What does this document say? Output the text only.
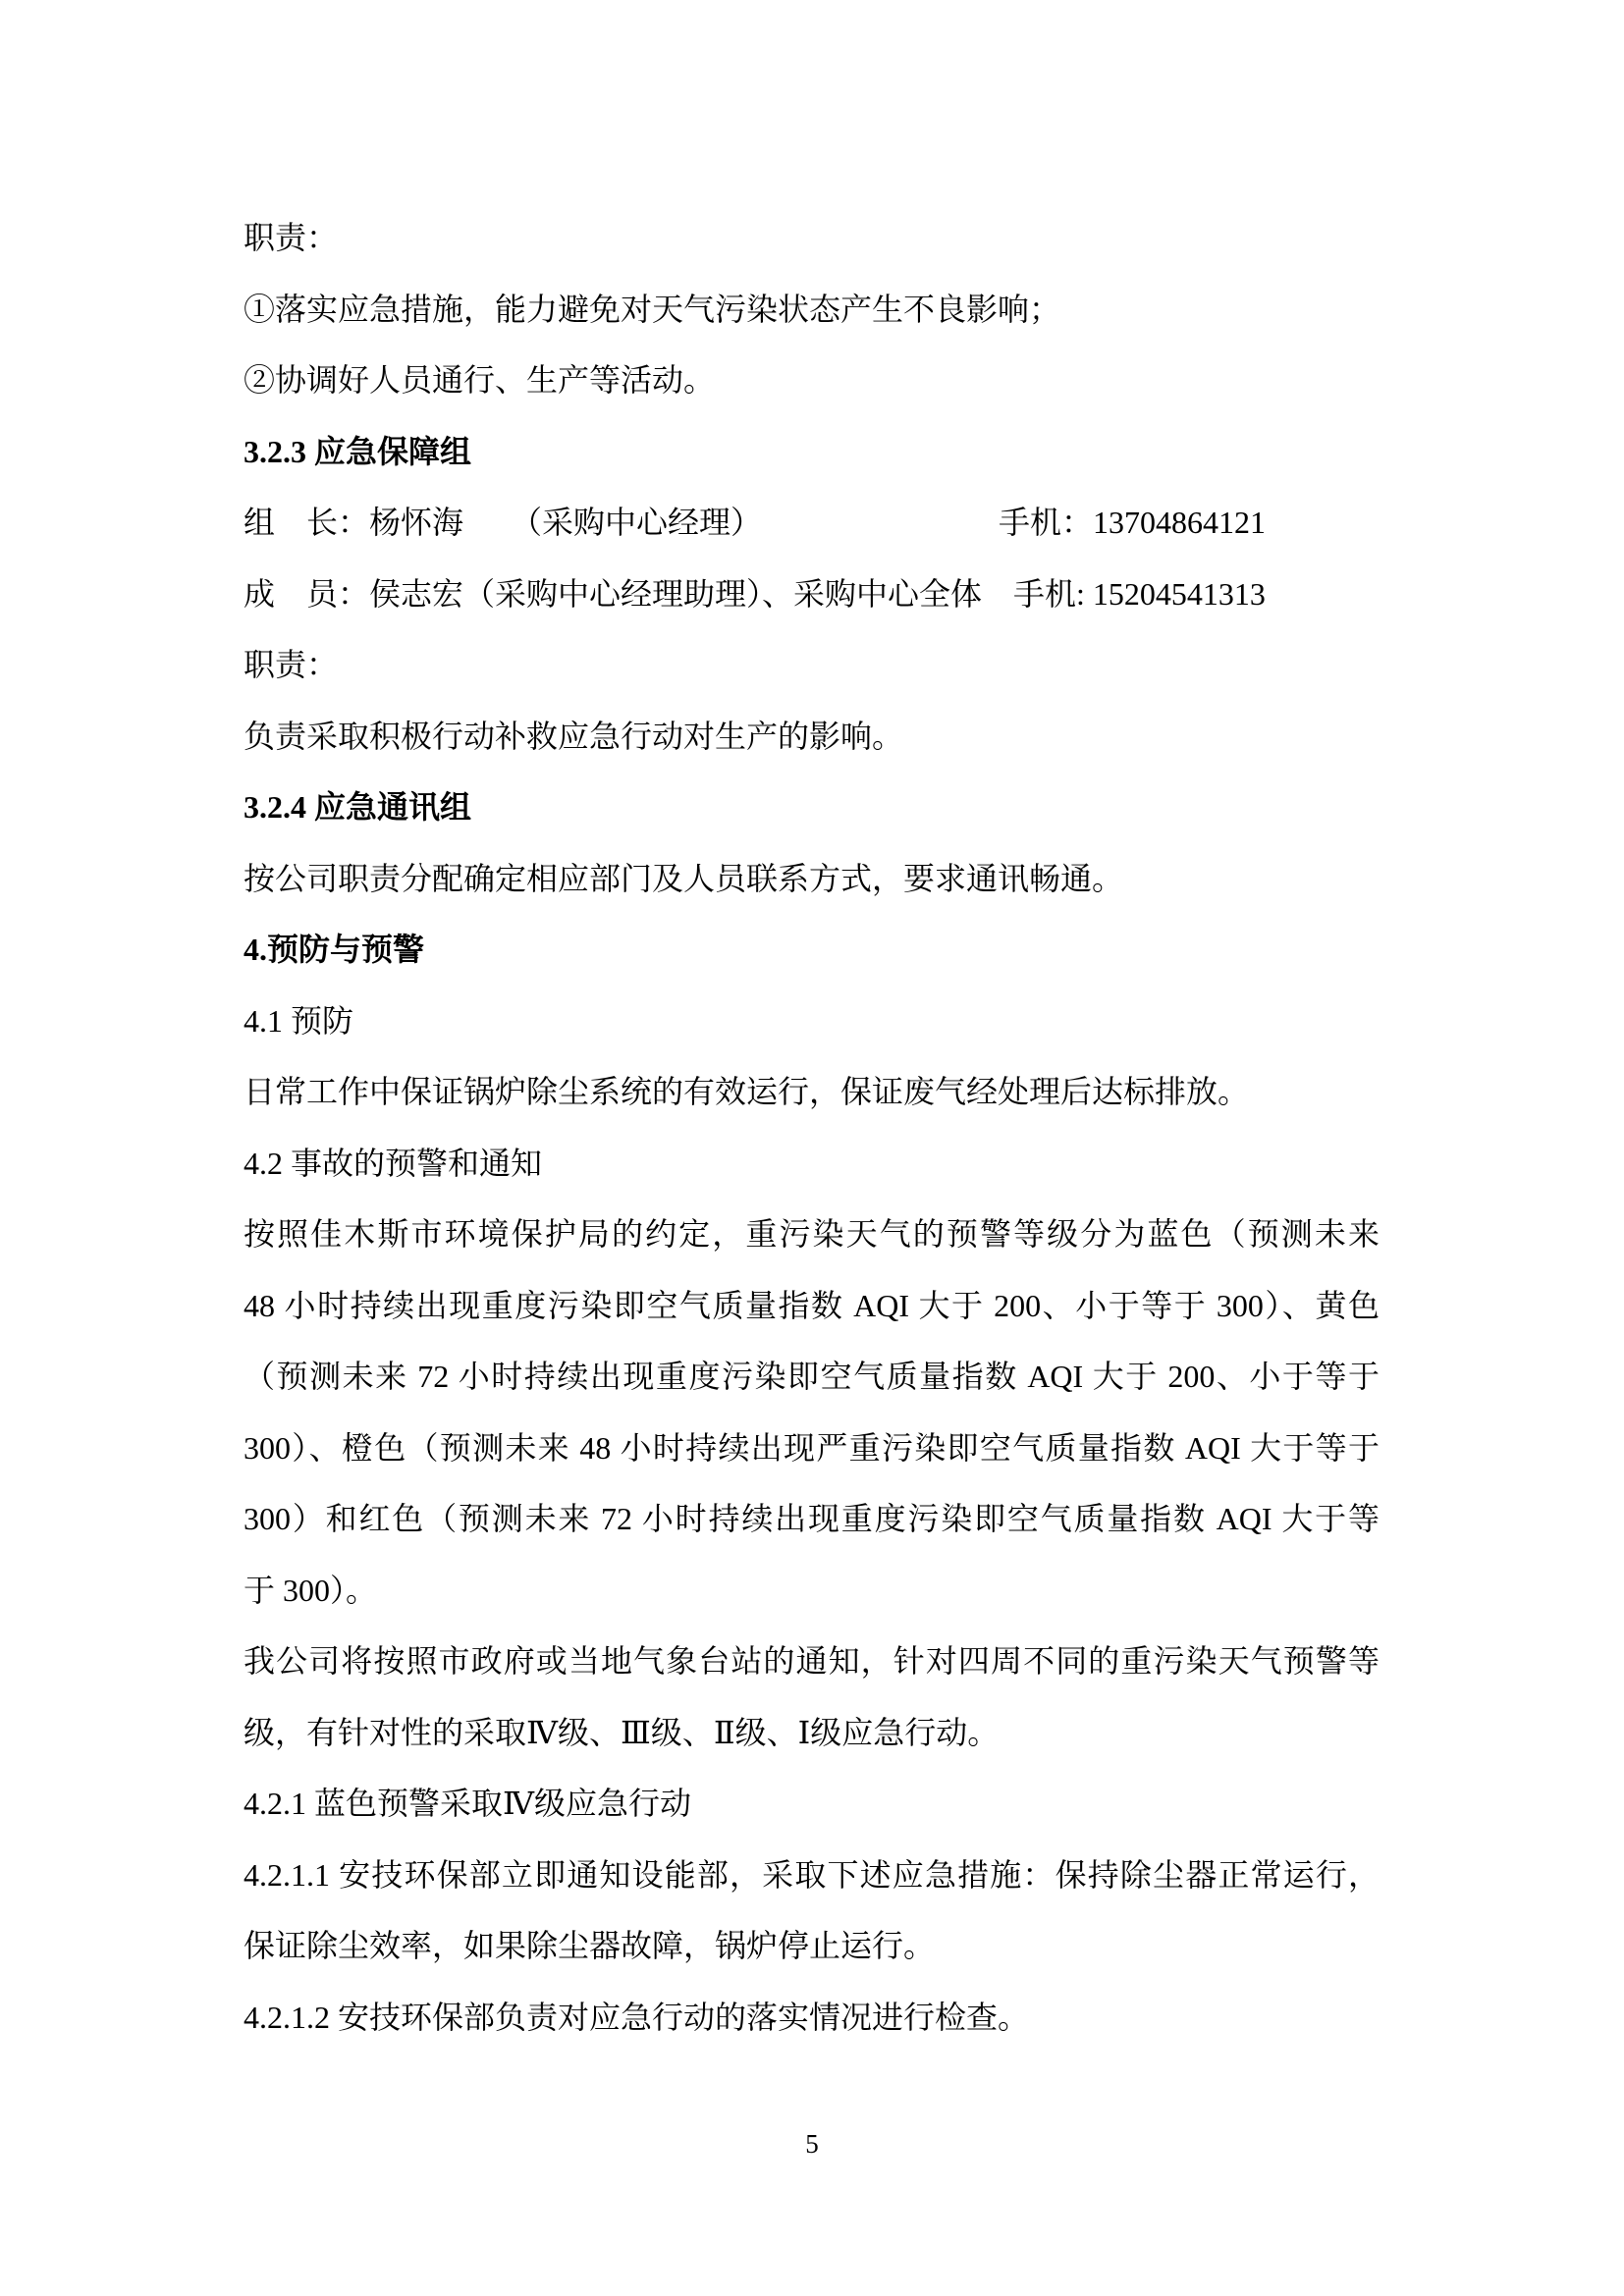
职责：
①落实应急措施，能力避免对天气污染状态产生不良影响；
②协调好人员通行、生产等活动。
3.2.3 应急保障组
组　长：杨怀海　　（采购中心经理）	手机：13704864121
成　员：侯志宏（采购中心经理助理）、采购中心全体　手机: 15204541313
职责：
负责采取积极行动补救应急行动对生产的影响。
3.2.4 应急通讯组
按公司职责分配确定相应部门及人员联系方式，要求通讯畅通。
4.预防与预警
4.1 预防
日常工作中保证锅炉除尘系统的有效运行，保证废气经处理后达标排放。
4.2 事故的预警和通知
按照佳木斯市环境保护局的约定，重污染天气的预警等级分为蓝色（预测未来
48 小时持续出现重度污染即空气质量指数 AQI 大于 200、小于等于 300）、黄色
（预测未来 72 小时持续出现重度污染即空气质量指数 AQI 大于 200、小于等于
300）、橙色（预测未来 48 小时持续出现严重污染即空气质量指数 AQI 大于等于
300）和红色（预测未来 72 小时持续出现重度污染即空气质量指数 AQI 大于等
于 300）。
我公司将按照市政府或当地气象台站的通知，针对四周不同的重污染天气预警等
级，有针对性的采取Ⅳ级、Ⅲ级、Ⅱ级、Ⅰ级应急行动。
4.2.1 蓝色预警采取Ⅳ级应急行动
4.2.1.1 安技环保部立即通知设能部，采取下述应急措施：保持除尘器正常运行，
保证除尘效率，如果除尘器故障，锅炉停止运行。
4.2.1.2 安技环保部负责对应急行动的落实情况进行检查。
5
